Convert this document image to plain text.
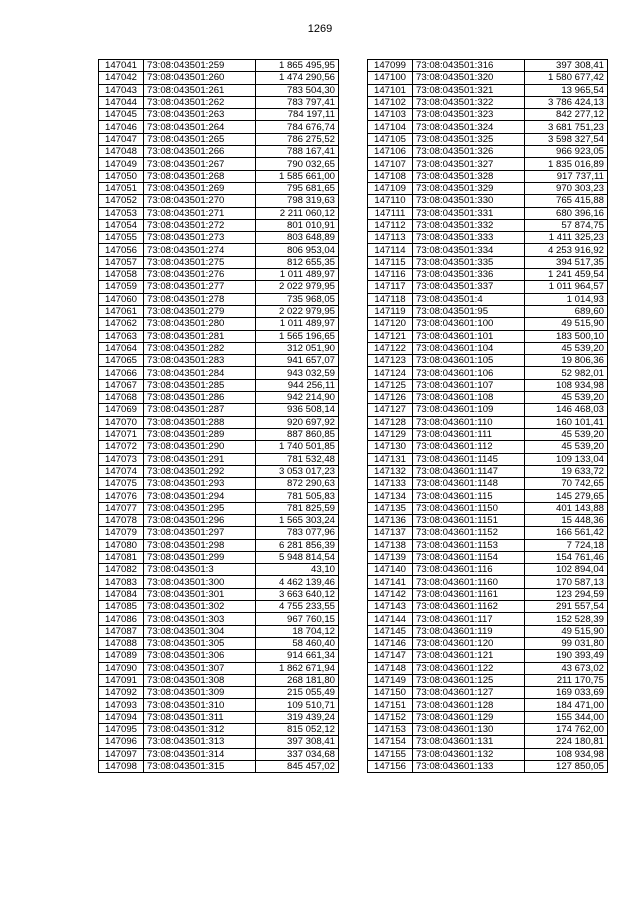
1269
147041	73:08:043501:259	1 865 495,95
147042	73:08:043501:260	1 474 290,56
147043	73:08:043501:261	783 504,30
147044	73:08:043501:262	783 797,41
147045	73:08:043501:263	784 197,11
147046	73:08:043501:264	784 676,74
147047	73:08:043501:265	786 275,52
147048	73:08:043501:266	788 167,41
147049	73:08:043501:267	790 032,65
147050	73:08:043501:268	1 585 661,00
147051	73:08:043501:269	795 681,65
147052	73:08:043501:270	798 319,63
147053	73:08:043501:271	2 211 060,12
147054	73:08:043501:272	801 010,91
147055	73:08:043501:273	803 648,89
147056	73:08:043501:274	806 953,04
147057	73:08:043501:275	812 655,35
147058	73:08:043501:276	1 011 489,97
147059	73:08:043501:277	2 022 979,95
147060	73:08:043501:278	735 968,05
147061	73:08:043501:279	2 022 979,95
147062	73:08:043501:280	1 011 489,97
147063	73:08:043501:281	1 565 196,65
147064	73:08:043501:282	312 051,90
147065	73:08:043501:283	941 657,07
147066	73:08:043501:284	943 032,59
147067	73:08:043501:285	944 256,11
147068	73:08:043501:286	942 214,90
147069	73:08:043501:287	936 508,14
147070	73:08:043501:288	920 697,92
147071	73:08:043501:289	887 860,85
147072	73:08:043501:290	1 740 501,85
147073	73:08:043501:291	781 532,48
147074	73:08:043501:292	3 053 017,23
147075	73:08:043501:293	872 290,63
147076	73:08:043501:294	781 505,83
147077	73:08:043501:295	781 825,59
147078	73:08:043501:296	1 565 303,24
147079	73:08:043501:297	783 077,96
147080	73:08:043501:298	6 281 856,39
147081	73:08:043501:299	5 948 814,54
147082	73:08:043501:3	43,10
147083	73:08:043501:300	4 462 139,46
147084	73:08:043501:301	3 663 640,12
147085	73:08:043501:302	4 755 233,55
147086	73:08:043501:303	967 760,15
147087	73:08:043501:304	18 704,12
147088	73:08:043501:305	58 460,40
147089	73:08:043501:306	914 661,34
147090	73:08:043501:307	1 862 671,94
147091	73:08:043501:308	268 181,80
147092	73:08:043501:309	215 055,49
147093	73:08:043501:310	109 510,71
147094	73:08:043501:311	319 439,24
147095	73:08:043501:312	815 052,12
147096	73:08:043501:313	397 308,41
147097	73:08:043501:314	337 034,68
147098	73:08:043501:315	845 457,02
147099	73:08:043501:316	397 308,41
147100	73:08:043501:320	1 580 677,42
147101	73:08:043501:321	13 965,54
147102	73:08:043501:322	3 786 424,13
147103	73:08:043501:323	842 277,12
147104	73:08:043501:324	3 681 751,23
147105	73:08:043501:325	3 598 327,54
147106	73:08:043501:326	966 923,05
147107	73:08:043501:327	1 835 016,89
147108	73:08:043501:328	917 737,11
147109	73:08:043501:329	970 303,23
147110	73:08:043501:330	765 415,88
147111	73:08:043501:331	680 396,16
147112	73:08:043501:332	57 874,75
147113	73:08:043501:333	1 411 325,23
147114	73:08:043501:334	4 253 916,92
147115	73:08:043501:335	394 517,35
147116	73:08:043501:336	1 241 459,54
147117	73:08:043501:337	1 011 964,57
147118	73:08:043501:4	1 014,93
147119	73:08:043501:95	689,60
147120	73:08:043601:100	49 515,90
147121	73:08:043601:101	183 500,10
147122	73:08:043601:104	45 539,20
147123	73:08:043601:105	19 806,36
147124	73:08:043601:106	52 982,01
147125	73:08:043601:107	108 934,98
147126	73:08:043601:108	45 539,20
147127	73:08:043601:109	146 468,03
147128	73:08:043601:110	160 101,41
147129	73:08:043601:111	45 539,20
147130	73:08:043601:112	45 539,20
147131	73:08:043601:1145	109 133,04
147132	73:08:043601:1147	19 633,72
147133	73:08:043601:1148	70 742,65
147134	73:08:043601:115	145 279,65
147135	73:08:043601:1150	401 143,88
147136	73:08:043601:1151	15 448,36
147137	73:08:043601:1152	166 561,42
147138	73:08:043601:1153	7 724,18
147139	73:08:043601:1154	154 761,46
147140	73:08:043601:116	102 894,04
147141	73:08:043601:1160	170 587,13
147142	73:08:043601:1161	123 294,59
147143	73:08:043601:1162	291 557,54
147144	73:08:043601:117	152 528,39
147145	73:08:043601:119	49 515,90
147146	73:08:043601:120	99 031,80
147147	73:08:043601:121	190 393,49
147148	73:08:043601:122	43 673,02
147149	73:08:043601:125	211 170,75
147150	73:08:043601:127	169 033,69
147151	73:08:043601:128	184 471,00
147152	73:08:043601:129	155 344,00
147153	73:08:043601:130	174 762,00
147154	73:08:043601:131	224 180,81
147155	73:08:043601:132	108 934,98
147156	73:08:043601:133	127 850,05
